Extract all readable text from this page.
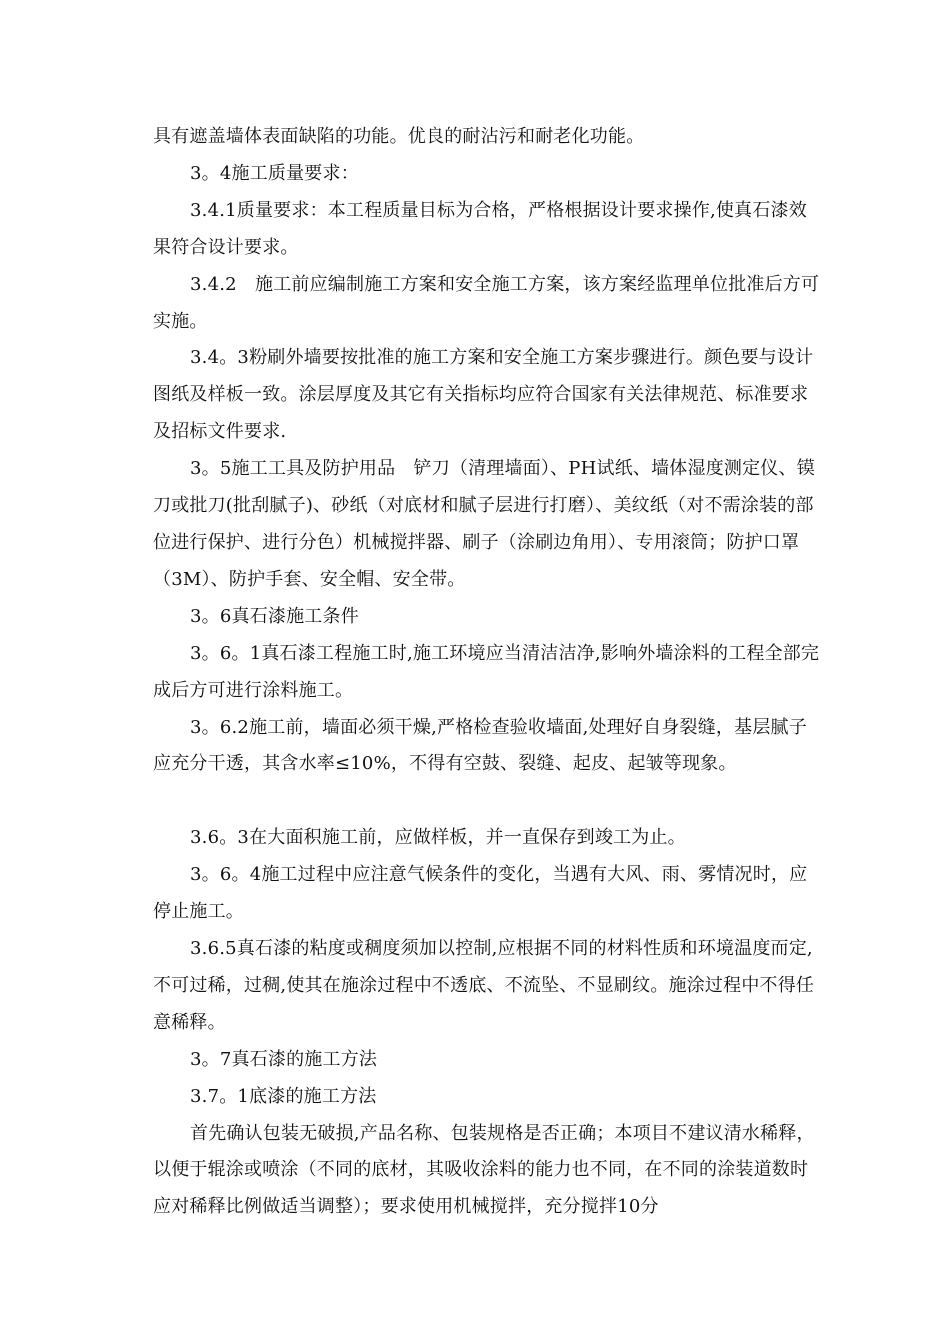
具有遮盖墙体表面缺陷的功能。优良的耐沾污和耐老化功能。

3。4施工质量要求：

3.4.1质量要求：本工程质量目标为合格，严格根据设计要求操作,使真石漆效果符合设计要求。

3.4.2　施工前应编制施工方案和安全施工方案，该方案经监理单位批准后方可实施。

3.4。3粉刷外墙要按批准的施工方案和安全施工方案步骤进行。颜色要与设计图纸及样板一致。涂层厚度及其它有关指标均应符合国家有关法律规范、标准要求及招标文件要求.

3。5施工工具及防护用品　铲刀（清理墙面）、PH试纸、墙体湿度测定仪、镆刀或批刀(批刮腻子)、砂纸（对底材和腻子层进行打磨）、美纹纸（对不需涂装的部位进行保护、进行分色）机械搅拌器、刷子（涂刷边角用）、专用滚筒；防护口罩（3M）、防护手套、安全帽、安全带。

3。6真石漆施工条件

3。6。1真石漆工程施工时,施工环境应当清洁洁净,影响外墙涂料的工程全部完成后方可进行涂料施工。

3。6.2施工前，墙面必须干燥,严格检查验收墙面,处理好自身裂缝，基层腻子应充分干透，其含水率≤10%，不得有空鼓、裂缝、起皮、起皱等现象。

3.6。3在大面积施工前，应做样板，并一直保存到竣工为止。

3。6。4施工过程中应注意气候条件的变化，当遇有大风、雨、雾情况时，应停止施工。

3.6.5真石漆的粘度或稠度须加以控制,应根据不同的材料性质和环境温度而定,不可过稀，过稠,使其在施涂过程中不透底、不流坠、不显刷纹。施涂过程中不得任意稀释。

3。7真石漆的施工方法

3.7。1底漆的施工方法

首先确认包装无破损,产品名称、包装规格是否正确；本项目不建议清水稀释，以便于辊涂或喷涂（不同的底材，其吸收涂料的能力也不同，在不同的涂装道数时应对稀释比例做适当调整）；要求使用机械搅拌，充分搅拌10分
